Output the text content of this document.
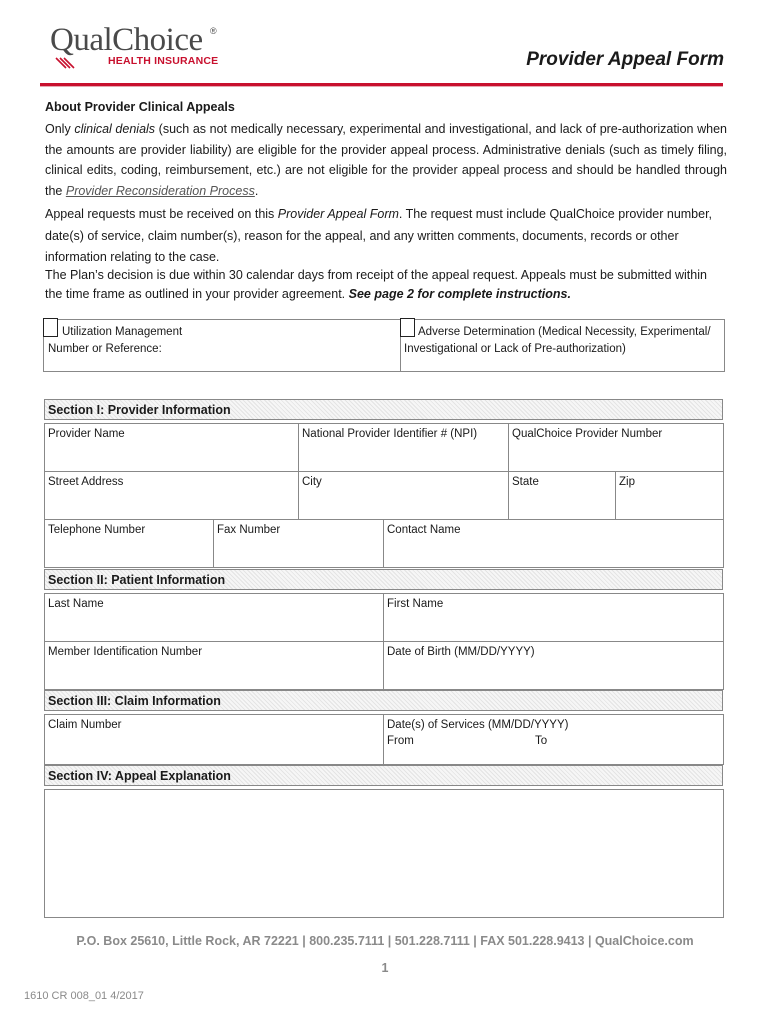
QualChoice ®
HEALTH INSURANCE	Provider Appeal Form
About Provider Clinical Appeals
Only clinical denials (such as not medically necessary, experimental and investigational, and lack of pre-authorization when the amounts are provider liability) are eligible for the provider appeal process. Administrative denials (such as timely filing, clinical edits, coding, reimbursement, etc.) are not eligible for the provider appeal process and should be handled through the Provider Reconsideration Process.
Appeal requests must be received on this Provider Appeal Form. The request must include QualChoice provider number, date(s) of service, claim number(s), reason for the appeal, and any written comments, documents, records or other information relating to the case.
The Plan’s decision is due within 30 calendar days from receipt of the appeal request. Appeals must be submitted within the time frame as outlined in your provider agreement. See page 2 for complete instructions.
Utilization Management
Number or Reference:
Adverse Determination (Medical Necessity, Experimental/
Investigational or Lack of Pre-authorization)
Section I: Provider Information
Provider Name	National Provider Identifier # (NPI)	QualChoice Provider Number
Street Address	City	State	Zip
Telephone Number	Fax Number	Contact Name
Section II: Patient Information
Last Name	First Name
Member Identification Number	Date of Birth (MM/DD/YYYY)
Section III: Claim Information
Claim Number	Date(s) of Services (MM/DD/YYYY)
From	To
Section IV: Appeal Explanation
P.O. Box 25610, Little Rock, AR 72221 | 800.235.7111 | 501.228.7111 | FAX 501.228.9413 | QualChoice.com
1
1610 CR 008_01 4/2017
